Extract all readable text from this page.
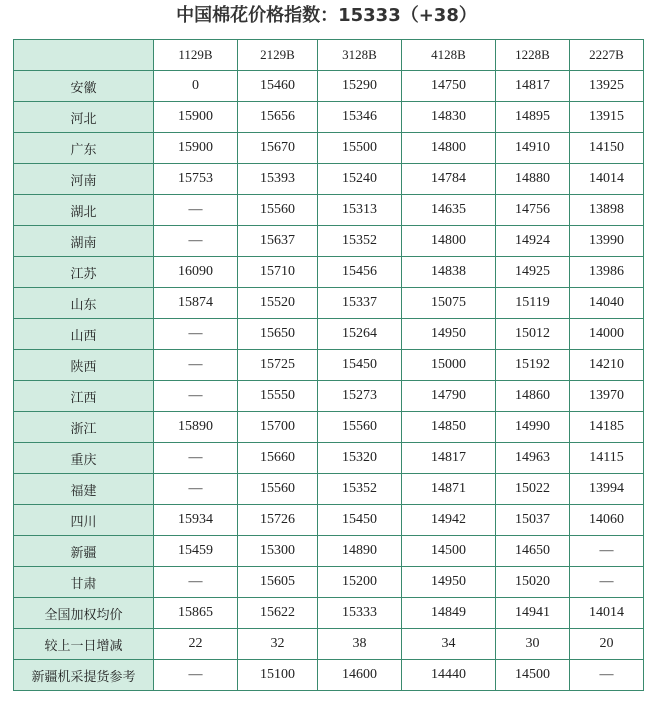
中国棉花价格指数：15333（+38）
	1129B	2129B	3128B	4128B	1228B	2227B
安徽	0	15460	15290	14750	14817	13925
河北	15900	15656	15346	14830	14895	13915
广东	15900	15670	15500	14800	14910	14150
河南	15753	15393	15240	14784	14880	14014
湖北	—	15560	15313	14635	14756	13898
湖南	—	15637	15352	14800	14924	13990
江苏	16090	15710	15456	14838	14925	13986
山东	15874	15520	15337	15075	15119	14040
山西	—	15650	15264	14950	15012	14000
陕西	—	15725	15450	15000	15192	14210
江西	—	15550	15273	14790	14860	13970
浙江	15890	15700	15560	14850	14990	14185
重庆	—	15660	15320	14817	14963	14115
福建	—	15560	15352	14871	15022	13994
四川	15934	15726	15450	14942	15037	14060
新疆	15459	15300	14890	14500	14650	—
甘肃	—	15605	15200	14950	15020	—
全国加权均价	15865	15622	15333	14849	14941	14014
较上一日增减	22	32	38	34	30	20
新疆机采提货参考	—	15100	14600	14440	14500	—
